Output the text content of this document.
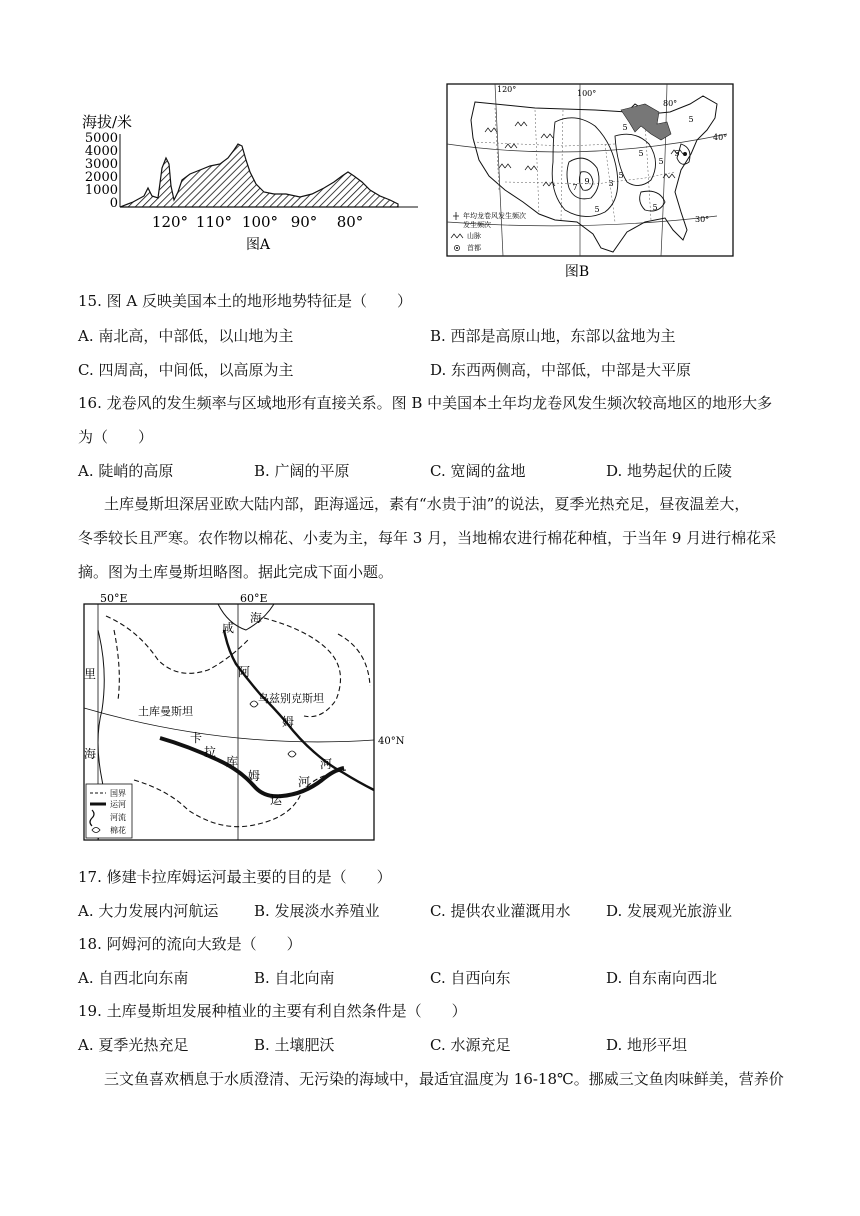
海拔/米
5000
4000
3000
2000
1000
0
120° 110° 100° 90° 80°
图A
5
5
5
5
5
5
3
7
9
5
5
120°	100°
80°
40°
30°
年均龙卷风发生频次
发生频次
山脉
首都
图B
15. 图 A 反映美国本土的地形地势特征是（　　）
A. 南北高，中部低，以山地为主	B. 西部是高原山地，东部以盆地为主
C. 四周高，中间低，以高原为主	D. 东西两侧高，中部低，中部是大平原
16. 龙卷风的发生频率与区域地形有直接关系。图 B 中美国本土年均龙卷风发生频次较高地区的地形大多
为（　　）
A. 陡峭的高原	B. 广阔的平原	C. 宽阔的盆地	D. 地势起伏的丘陵
土库曼斯坦深居亚欧大陆内部，距海遥远，素有“水贵于油”的说法，夏季光热充足，昼夜温差大，
冬季较长且严寒。农作物以棉花、小麦为主，每年 3 月，当地棉农进行棉花种植，于当年 9 月进行棉花采
摘。图为土库曼斯坦略图。据此完成下面小题。
50°E	60°E
40°N
土库曼斯坦
乌兹别克斯坦
咸
海
里
海
阿
姆
河
卡
拉
库
姆
运
河
国界
运河
河流
棉花
17. 修建卡拉库姆运河最主要的目的是（　　）
A. 大力发展内河航运 B. 发展淡水养殖业	C. 提供农业灌溉用水 D. 发展观光旅游业
18. 阿姆河的流向大致是（　　）
A. 自西北向东南	B. 自北向南	C. 自西向东	D. 自东南向西北
19. 土库曼斯坦发展种植业的主要有利自然条件是（　　）
A. 夏季光热充足	B. 土壤肥沃	C. 水源充足	D. 地形平坦
三文鱼喜欢栖息于水质澄清、无污染的海域中，最适宜温度为 16-18℃。挪威三文鱼肉味鲜美，营养价
